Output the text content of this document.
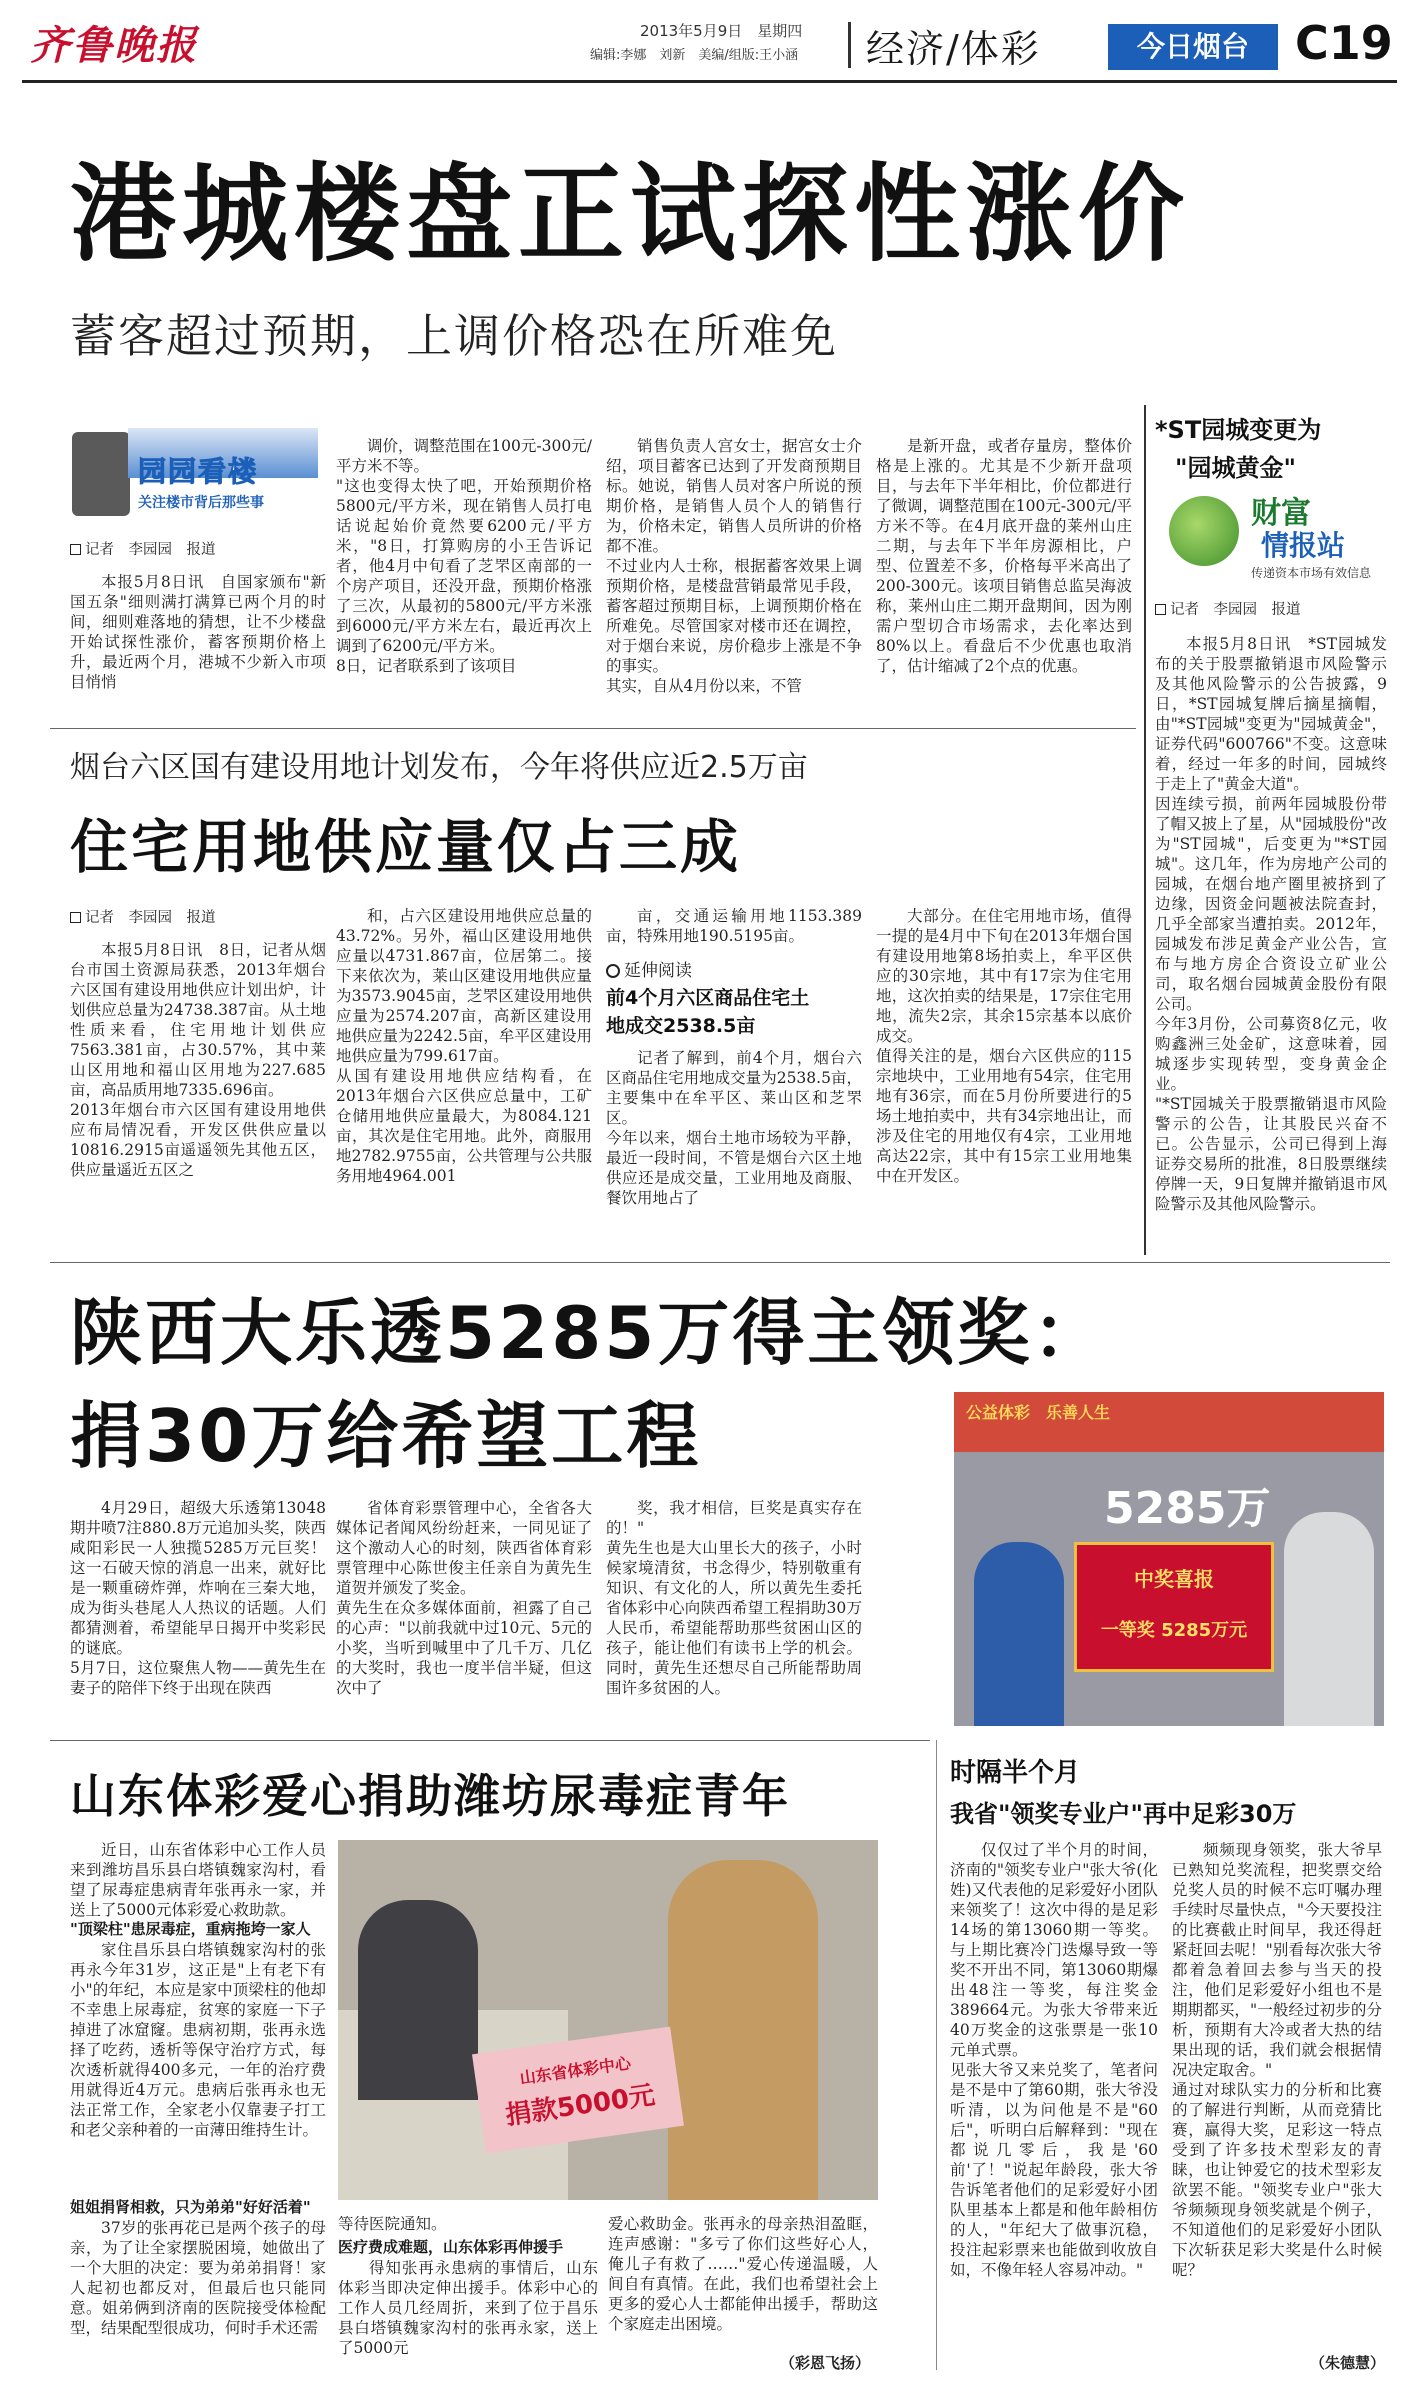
齐鲁晚报	2013年5月9日　星期四
编辑:李娜　刘新　美编/组版:王小涵 经济/体彩	今日烟台	C19
港城楼盘正试探性涨价
蓄客超过预期，上调价格恐在所难免
园园看楼
关注楼市背后那些事
记者　李园园　报道

本报5月8日讯　自国家颁布"新国五条"细则满打满算已两个月的时间，细则难落地的猜想，让不少楼盘开始试探性涨价，蓄客预期价格上升，最近两个月，港城不少新入市项目悄悄

调价，调整范围在100元-300元/平方米不等。
"这也变得太快了吧，开始预期价格5800元/平方米，现在销售人员打电话说起始价竟然要6200元/平方米，"8日，打算购房的小王告诉记者，他4月中旬看了芝罘区南部的一个房产项目，还没开盘，预期价格涨了三次，从最初的5800元/平方米涨到6000元/平方米左右，最近再次上调到了6200元/平方米。
8日，记者联系到了该项目

销售负责人宫女士，据宫女士介绍，项目蓄客已达到了开发商预期目标。她说，销售人员对客户所说的预期价格，是销售人员个人的销售行为，价格未定，销售人员所讲的价格都不准。
不过业内人士称，根据蓄客效果上调预期价格，是楼盘营销最常见手段，蓄客超过预期目标，上调预期价格在所难免。尽管国家对楼市还在调控，对于烟台来说，房价稳步上涨是不争的事实。
其实，自从4月份以来，不管

是新开盘，或者存量房，整体价格是上涨的。尤其是不少新开盘项目，与去年下半年相比，价位都进行了微调，调整范围在100元-300元/平方米不等。在4月底开盘的莱州山庄二期，与去年下半年房源相比，户型、位置差不多，价格每平米高出了200-300元。该项目销售总监吴海波称，莱州山庄二期开盘期间，因为刚需户型切合市场需求，去化率达到80%以上。看盘后不少优惠也取消了，估计缩减了2个点的优惠。

*ST园城变更为
"园城黄金"
财富
情报站
传递资本市场有效信息
记者　李园园　报道

本报5月8日讯　*ST园城发布的关于股票撤销退市风险警示及其他风险警示的公告披露，9日，*ST园城复牌后摘星摘帽，由"*ST园城"变更为"园城黄金"，证券代码"600766"不变。这意味着，经过一年多的时间，园城终于走上了"黄金大道"。
因连续亏损，前两年园城股份带了帽又披上了星，从"园城股份"改为"ST园城"，后变更为"*ST园城"。这几年，作为房地产公司的园城，在烟台地产圈里被挤到了边缘，因资金问题被法院查封，几乎全部家当遭拍卖。2012年，园城发布涉足黄金产业公告，宣布与地方房企合资设立矿业公司，取名烟台园城黄金股份有限公司。
今年3月份，公司募资8亿元，收购鑫洲三处金矿，这意味着，园城逐步实现转型，变身黄金企业。
"*ST园城关于股票撤销退市风险警示的公告，让其股民兴奋不已。公告显示，公司已得到上海证券交易所的批准，8日股票继续停牌一天，9日复牌并撤销退市风险警示及其他风险警示。

烟台六区国有建设用地计划发布，今年将供应近2.5万亩
住宅用地供应量仅占三成
记者　李园园　报道

本报5月8日讯　8日，记者从烟台市国土资源局获悉，2013年烟台六区国有建设用地供应计划出炉，计划供应总量为24738.387亩。从土地性质来看，住宅用地计划供应7563.381亩，占30.57%，其中莱山区用地和福山区用地为227.685亩，高品质用地7335.696亩。
2013年烟台市六区国有建设用地供应布局情况看，开发区供供应量以10816.2915亩遥遥领先其他五区，供应量遥近五区之

和，占六区建设用地供应总量的43.72%。另外，福山区建设用地供应量以4731.867亩，位居第二。接下来依次为，莱山区建设用地供应量为3573.9045亩，芝罘区建设用地供应量为2574.207亩，高新区建设用地供应量为2242.5亩，牟平区建设用地供应量为799.617亩。
从国有建设用地供应结构看，在2013年烟台六区供应总量中，工矿仓储用地供应量最大，为8084.121亩，其次是住宅用地。此外，商服用地2782.9755亩，公共管理与公共服务用地4964.001

亩，交通运输用地1153.389亩，特殊用地190.5195亩。

延伸阅读
前4个月六区商品住宅土地成交2538.5亩

记者了解到，前4个月，烟台六区商品住宅用地成交量为2538.5亩，主要集中在牟平区、莱山区和芝罘区。
今年以来，烟台土地市场较为平静，最近一段时间，不管是烟台六区土地供应还是成交量，工业用地及商服、餐饮用地占了

大部分。在住宅用地市场，值得一提的是4月中下旬在2013年烟台国有建设用地第8场拍卖上，牟平区供应的30宗地，其中有17宗为住宅用地，这次拍卖的结果是，17宗住宅用地，流失2宗，其余15宗基本以底价成交。
值得关注的是，烟台六区供应的115宗地块中，工业用地有54宗，住宅用地有36宗，而在5月份所要进行的5场土地拍卖中，共有34宗地出让，而涉及住宅的用地仅有4宗，工业用地高达22宗，其中有15宗工业用地集中在开发区。

陕西大乐透5285万得主领奖：
捐30万给希望工程	公益体彩　乐善人生
5285万
中奖喜报
一等奖 5285万元

4月29日，超级大乐透第13048期井喷7注880.8万元追加头奖，陕西咸阳彩民一人独揽5285万元巨奖！这一石破天惊的消息一出来，就好比是一颗重磅炸弹，炸响在三秦大地，成为街头巷尾人人热议的话题。人们都猜测着，希望能早日揭开中奖彩民的谜底。
5月7日，这位聚焦人物——黄先生在妻子的陪伴下终于出现在陕西

省体育彩票管理中心，全省各大媒体记者闻风纷纷赶来，一同见证了这个激动人心的时刻，陕西省体育彩票管理中心陈世俊主任亲自为黄先生道贺并颁发了奖金。
黄先生在众多媒体面前，袒露了自己的心声："以前我就中过10元、5元的小奖，当听到喊里中了几千万、几亿的大奖时，我也一度半信半疑，但这次中了

奖，我才相信，巨奖是真实存在的！"
黄先生也是大山里长大的孩子，小时候家境清贫，书念得少，特别敬重有知识、有文化的人，所以黄先生委托省体彩中心向陕西希望工程捐助30万人民币，希望能帮助那些贫困山区的孩子，能让他们有读书上学的机会。同时，黄先生还想尽自己所能帮助周围许多贫困的人。

山东体彩爱心捐助潍坊尿毒症青年

近日，山东省体彩中心工作人员来到潍坊昌乐县白塔镇魏家沟村，看望了尿毒症患病青年张再永一家，并送上了5000元体彩爱心救助款。

"顶梁柱"患尿毒症，重病拖垮一家人

家住昌乐县白塔镇魏家沟村的张再永今年31岁，这正是"上有老下有小"的年纪，本应是家中顶梁柱的他却不幸患上尿毒症，贫寒的家庭一下子掉进了冰窟窿。患病初期，张再永选择了吃药，透析等保守治疗方式，每次透析就得400多元，一年的治疗费用就得近4万元。患病后张再永也无法正常工作，全家老小仅靠妻子打工和老父亲种着的一亩薄田维持生计。

姐姐捐肾相救，只为弟弟"好好活着"

37岁的张再花已是两个孩子的母亲，为了让全家摆脱困境，她做出了一个大胆的决定：要为弟弟捐肾！家人起初也都反对，但最后也只能同意。姐弟俩到济南的医院接受体检配型，结果配型很成功，何时手术还需

山东省体彩中心
捐款5000元

等待医院通知。

医疗费成难题，山东体彩再伸援手

得知张再永患病的事情后，山东体彩当即决定伸出援手。体彩中心的工作人员几经周折，来到了位于昌乐县白塔镇魏家沟村的张再永家，送上了5000元

爱心救助金。张再永的母亲热泪盈眶，连声感谢："多亏了你们这些好心人，俺儿子有救了……"爱心传递温暖，人间自有真情。在此，我们也希望社会上更多的爱心人士都能伸出援手，帮助这个家庭走出困境。

（彩恩飞扬）
时隔半个月
我省"领奖专业户"再中足彩30万

仅仅过了半个月的时间，济南的"领奖专业户"张大爷(化姓)又代表他的足彩爱好小团队来领奖了！这次中得的是足彩14场的第13060期一等奖。与上期比赛冷门迭爆导致一等奖不开出不同，第13060期爆出48注一等奖，每注奖金389664元。为张大爷带来近40万奖金的这张票是一张10元单式票。
见张大爷又来兑奖了，笔者问是不是中了第60期，张大爷没听清，以为问他是不是"60后"，听明白后解释到："现在都说几零后，我是'60前'了！"说起年龄段，张大爷告诉笔者他们的足彩爱好小团队里基本上都是和他年龄相仿的人，"年纪大了做事沉稳，投注起彩票来也能做到收放自如，不像年轻人容易冲动。"

频频现身领奖，张大爷早已熟知兑奖流程，把奖票交给兑奖人员的时候不忘叮嘱办理手续时尽量快点，"今天要投注的比赛截止时间早，我还得赶紧赶回去呢！"别看每次张大爷都着急着回去参与当天的投注，他们足彩爱好小组也不是期期都买，"一般经过初步的分析，预期有大冷或者大热的结果出现的话，我们就会根据情况决定取舍。"
通过对球队实力的分析和比赛的了解进行判断，从而竞猜比赛，赢得大奖，足彩这一特点受到了许多技术型彩友的青睐，也让钟爱它的技术型彩友欲罢不能。"领奖专业户"张大爷频频现身领奖就是个例子，不知道他们的足彩爱好小团队下次斩获足彩大奖是什么时候呢？

（朱德慧）
